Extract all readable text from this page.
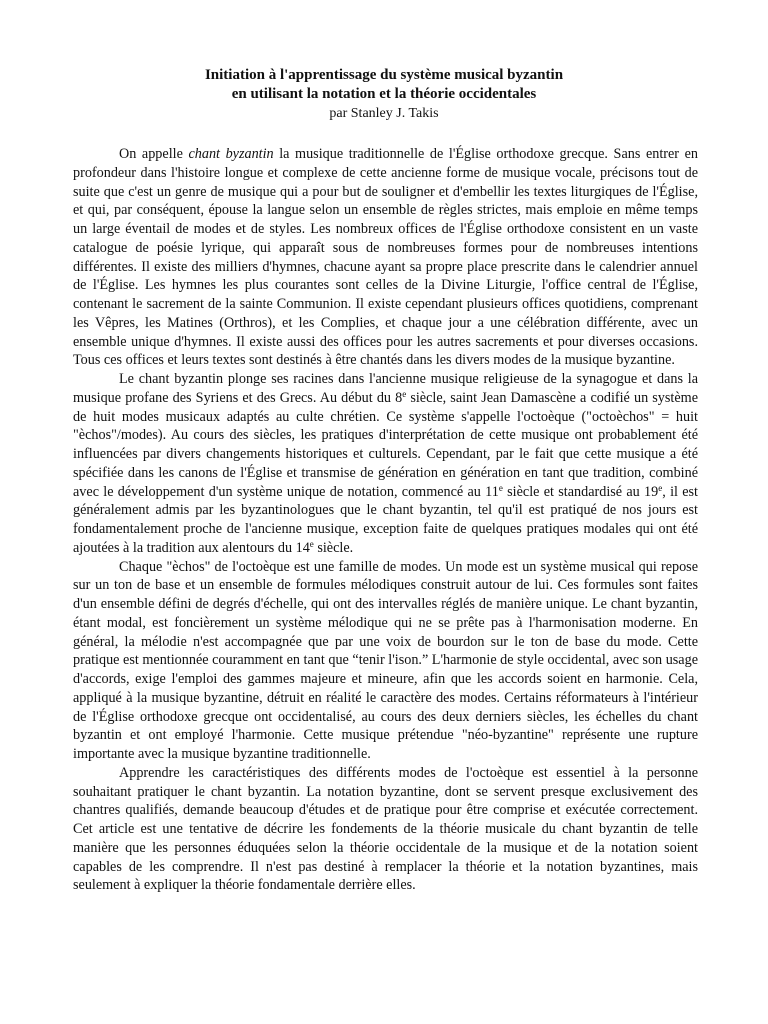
Initiation à l'apprentissage du système musical byzantin
en utilisant la notation et la théorie occidentales
par Stanley J. Takis

On appelle chant byzantin la musique traditionnelle de l'Église orthodoxe grecque. Sans entrer en profondeur dans l'histoire longue et complexe de cette ancienne forme de musique vocale, précisons tout de suite que c'est un genre de musique qui a pour but de souligner et d'embellir les textes liturgiques de l'Église, et qui, par conséquent, épouse la langue selon un ensemble de règles strictes, mais emploie en même temps un large éventail de modes et de styles. Les nombreux offices de l'Église orthodoxe consistent en un vaste catalogue de poésie lyrique, qui apparaît sous de nombreuses formes pour de nombreuses intentions différentes. Il existe des milliers d'hymnes, chacune ayant sa propre place prescrite dans le calendrier annuel de l'Église. Les hymnes les plus courantes sont celles de la Divine Liturgie, l'office central de l'Église, contenant le sacrement de la sainte Communion. Il existe cependant plusieurs offices quotidiens, comprenant les Vêpres, les Matines (Orthros), et les Complies, et chaque jour a une célébration différente, avec un ensemble unique d'hymnes. Il existe aussi des offices pour les autres sacrements et pour diverses occasions. Tous ces offices et leurs textes sont destinés à être chantés dans les divers modes de la musique byzantine.

Le chant byzantin plonge ses racines dans l'ancienne musique religieuse de la synagogue et dans la musique profane des Syriens et des Grecs. Au début du 8e siècle, saint Jean Damascène a codifié un système de huit modes musicaux adaptés au culte chrétien. Ce système s'appelle l'octoèque ("octoèchos" = huit "èchos"/modes). Au cours des siècles, les pratiques d'interprétation de cette musique ont probablement été influencées par divers changements historiques et culturels. Cependant, par le fait que cette musique a été spécifiée dans les canons de l'Église et transmise de génération en génération en tant que tradition, combiné avec le développement d'un système unique de notation, commencé au 11e siècle et standardisé au 19e, il est généralement admis par les byzantinologues que le chant byzantin, tel qu'il est pratiqué de nos jours est fondamentalement proche de l'ancienne musique, exception faite de quelques pratiques modales qui ont été ajoutées à la tradition aux alentours du 14e siècle.

Chaque "èchos" de l'octoèque est une famille de modes. Un mode est un système musical qui repose sur un ton de base et un ensemble de formules mélodiques construit autour de lui. Ces formules sont faites d'un ensemble défini de degrés d'échelle, qui ont des intervalles réglés de manière unique. Le chant byzantin, étant modal, est foncièrement un système mélodique qui ne se prête pas à l'harmonisation moderne. En général, la mélodie n'est accompagnée que par une voix de bourdon sur le ton de base du mode. Cette pratique est mentionnée couramment en tant que “tenir l'ison.” L'harmonie de style occidental, avec son usage d'accords, exige l'emploi des gammes majeure et mineure, afin que les accords soient en harmonie. Cela, appliqué à la musique byzantine, détruit en réalité le caractère des modes. Certains réformateurs à l'intérieur de l'Église orthodoxe grecque ont occidentalisé, au cours des deux derniers siècles, les échelles du chant byzantin et ont employé l'harmonie. Cette musique prétendue "néo-byzantine" représente une rupture importante avec la musique byzantine traditionnelle.

Apprendre les caractéristiques des différents modes de l'octoèque est essentiel à la personne souhaitant pratiquer le chant byzantin. La notation byzantine, dont se servent presque exclusivement des chantres qualifiés, demande beaucoup d'études et de pratique pour être comprise et exécutée correctement. Cet article est une tentative de décrire les fondements de la théorie musicale du chant byzantin de telle manière que les personnes éduquées selon la théorie occidentale de la musique et de la notation soient capables de les comprendre. Il n'est pas destiné à remplacer la théorie et la notation byzantines, mais seulement à expliquer la théorie fondamentale derrière elles.
